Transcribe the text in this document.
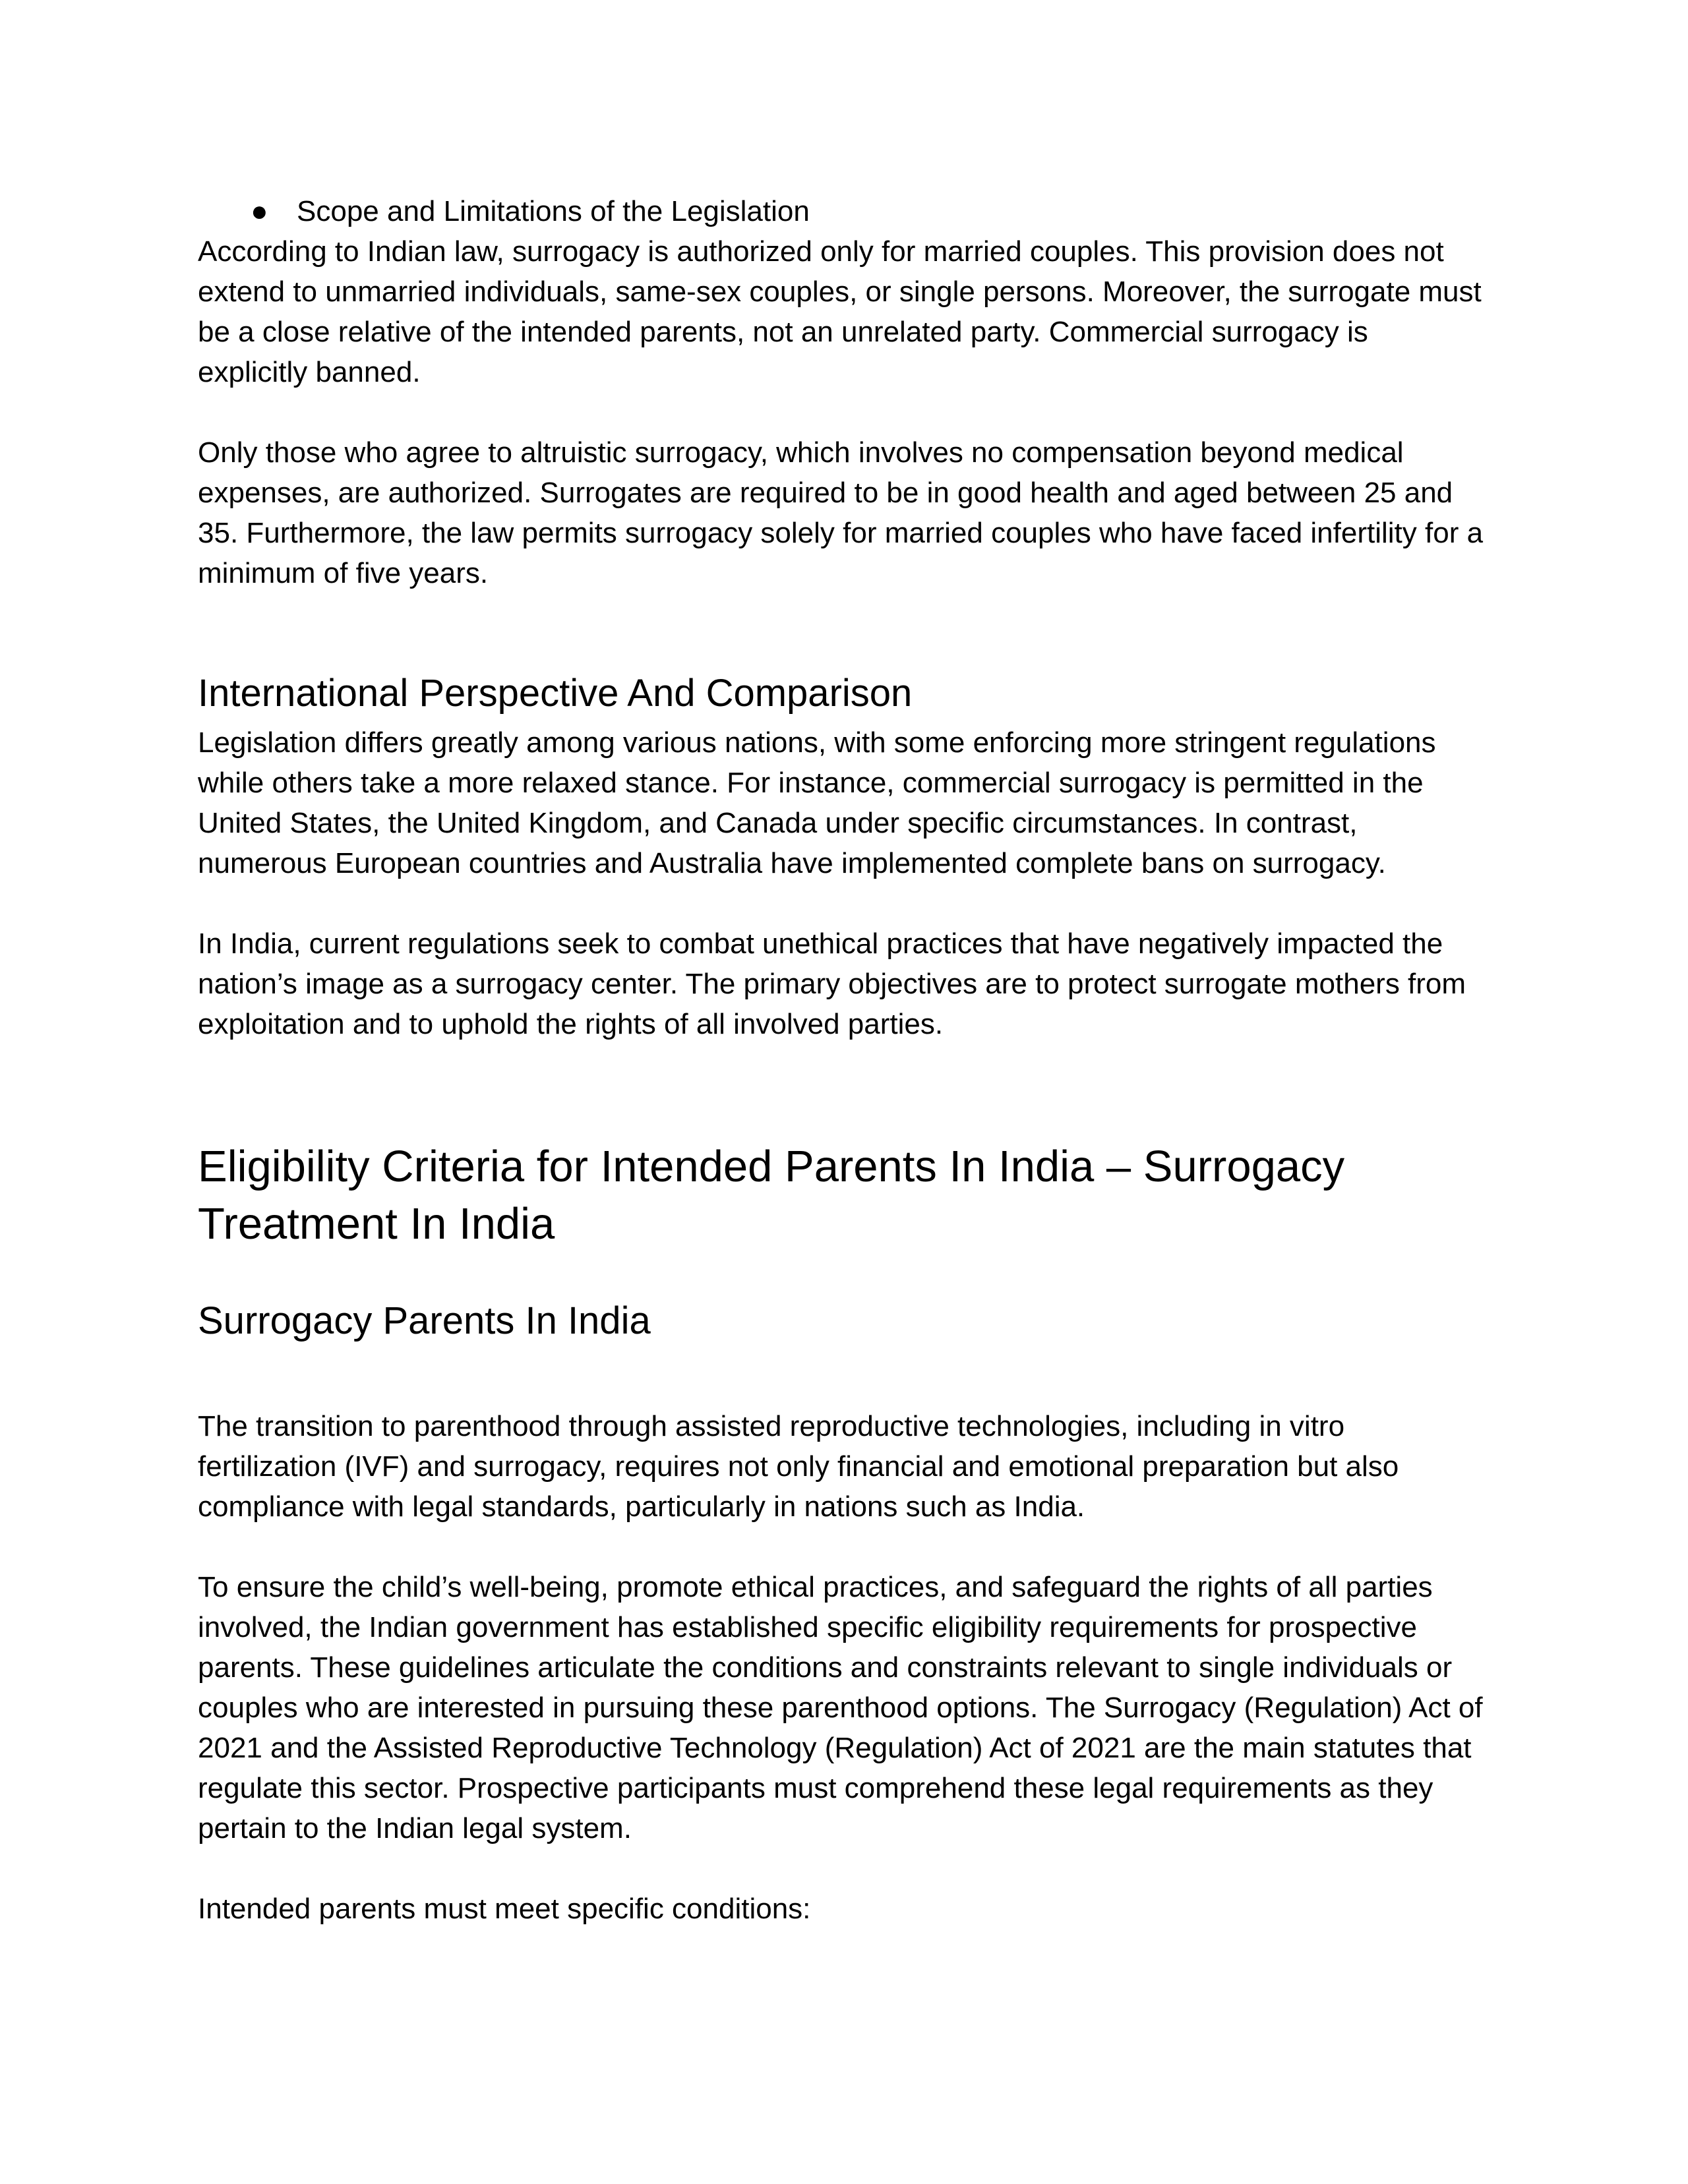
● Scope and Limitations of the Legislation

According to Indian law, surrogacy is authorized only for married couples. This provision does not extend to unmarried individuals, same-sex couples, or single persons. Moreover, the surrogate must be a close relative of the intended parents, not an unrelated party. Commercial surrogacy is explicitly banned.

Only those who agree to altruistic surrogacy, which involves no compensation beyond medical expenses, are authorized. Surrogates are required to be in good health and aged between 25 and 35. Furthermore, the law permits surrogacy solely for married couples who have faced infertility for a minimum of five years.

International Perspective And Comparison

Legislation differs greatly among various nations, with some enforcing more stringent regulations while others take a more relaxed stance. For instance, commercial surrogacy is permitted in the United States, the United Kingdom, and Canada under specific circumstances. In contrast, numerous European countries and Australia have implemented complete bans on surrogacy.

In India, current regulations seek to combat unethical practices that have negatively impacted the nation’s image as a surrogacy center. The primary objectives are to protect surrogate mothers from exploitation and to uphold the rights of all involved parties.

Eligibility Criteria for Intended Parents In India – Surrogacy
Treatment In India
Surrogacy Parents In India

The transition to parenthood through assisted reproductive technologies, including in vitro fertilization (IVF) and surrogacy, requires not only financial and emotional preparation but also compliance with legal standards, particularly in nations such as India.

To ensure the child’s well-being, promote ethical practices, and safeguard the rights of all parties involved, the Indian government has established specific eligibility requirements for prospective parents. These guidelines articulate the conditions and constraints relevant to single individuals or couples who are interested in pursuing these parenthood options. The Surrogacy (Regulation) Act of 2021 and the Assisted Reproductive Technology (Regulation) Act of 2021 are the main statutes that regulate this sector. Prospective participants must comprehend these legal requirements as they pertain to the Indian legal system.

Intended parents must meet specific conditions:
